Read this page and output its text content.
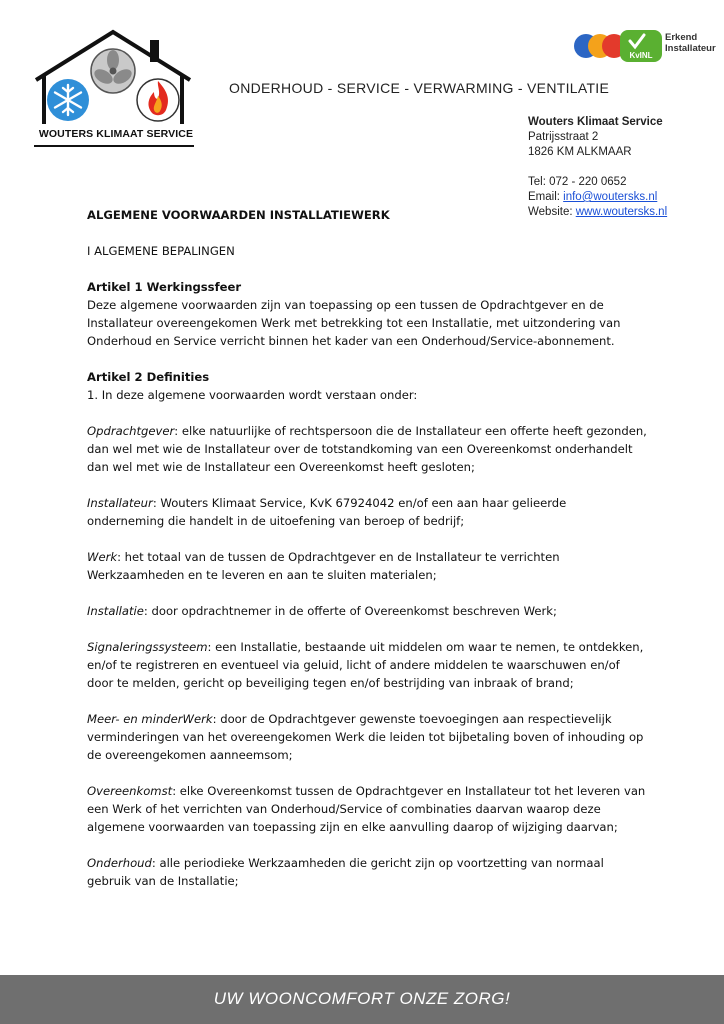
WOUTERS KLIMAAT SERVICE
ONDERHOUD - SERVICE - VERWARMING - VENTILATIE
KvINL
Erkend
Installateur
Wouters Klimaat Service
Patrijsstraat 2
1826 KM ALKMAAR
Tel: 072 - 220 0652
Email: info@woutersks.nl
Website: www.woutersks.nl

ALGEMENE VOORWAARDEN INSTALLATIEWERK

I ALGEMENE BEPALINGEN

Artikel 1 Werkingssfeer
Deze algemene voorwaarden zijn van toepassing op een tussen de Opdrachtgever en de Installateur overeengekomen Werk met betrekking tot een Installatie, met uitzondering van Onderhoud en Service verricht binnen het kader van een Onderhoud/Service-abonnement.

Artikel 2 Definities
1. In deze algemene voorwaarden wordt verstaan onder:

Opdrachtgever: elke natuurlijke of rechtspersoon die de Installateur een offerte heeft gezonden, dan wel met wie de Installateur over de totstandkoming van een Overeenkomst onderhandelt dan wel met wie de Installateur een Overeenkomst heeft gesloten;

Installateur: Wouters Klimaat Service, KvK 67924042 en/of een aan haar gelieerde onderneming die handelt in de uitoefening van beroep of bedrijf;

Werk: het totaal van de tussen de Opdrachtgever en de Installateur te verrichten Werkzaamheden en te leveren en aan te sluiten materialen;

Installatie: door opdrachtnemer in de offerte of Overeenkomst beschreven Werk;

Signaleringssysteem: een Installatie, bestaande uit middelen om waar te nemen, te ontdekken, en/of te registreren en eventueel via geluid, licht of andere middelen te waarschuwen en/of door te melden, gericht op beveiliging tegen en/of bestrijding van inbraak of brand;

Meer- en minderWerk: door de Opdrachtgever gewenste toevoegingen aan respectievelijk verminderingen van het overeengekomen Werk die leiden tot bijbetaling boven of inhouding op de overeengekomen aanneemsom;

Overeenkomst: elke Overeenkomst tussen de Opdrachtgever en Installateur tot het leveren van een Werk of het verrichten van Onderhoud/Service of combinaties daarvan waarop deze algemene voorwaarden van toepassing zijn en elke aanvulling daarop of wijziging daarvan;

Onderhoud: alle periodieke Werkzaamheden die gericht zijn op voortzetting van normaal gebruik van de Installatie;

UW WOONCOMFORT ONZE ZORG!
